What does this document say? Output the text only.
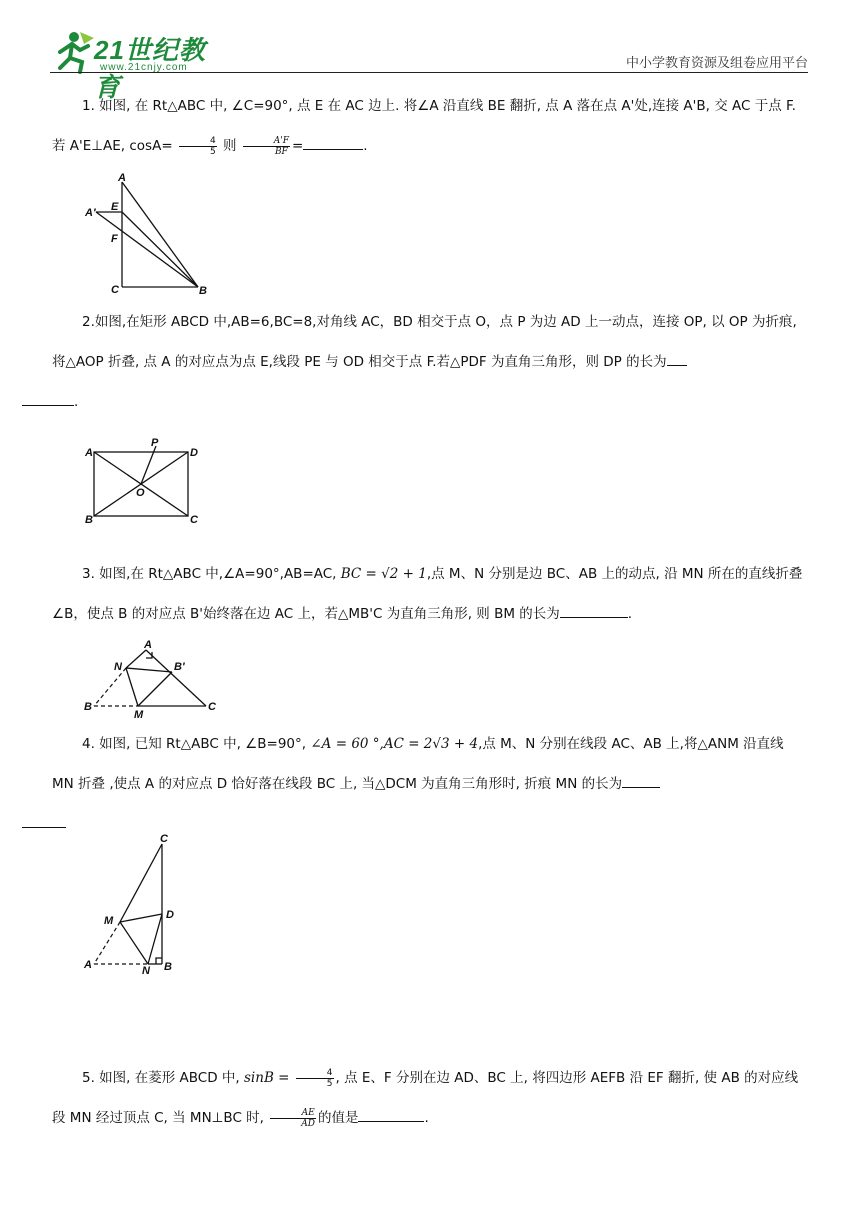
21世纪教育
www.21cnjy.com	中小学教育资源及组卷应用平台

1. 如图, 在 Rt△ABC 中, ∠C=90°, 点 E 在 AC 边上. 将∠A 沿直线 BE 翻折, 点 A 落在点 A'处,连接 A'B, 交 AC 于点 F. 若 A'E⊥AE, $\cos A= \frac{4}{5}$ 则 $\frac{A'F}{BF}$ =	.

A
A′ E
F
C	B

2.如图,在矩形 ABCD 中,AB=6,BC=8,对角线 AC，BD 相交于点 O，点 P 为边 AD 上一动点，连接 OP, 以 OP 为折痕,将△AOP 折叠, 点 A 的对应点为点 E,线段 PE 与 OD 相交于点 F.若△PDF 为直角三角形，则 DP 的长为
.

A
P
D
O
B	C

3. 如图,在 Rt△ABC 中,∠A=90°,AB=AC, BC = √2 + 1,点 M、N 分别是边 BC、AB 上的动点, 沿 MN 所在的直线折叠∠B，使点 B 的对应点 B'始终落在边 AC 上，若△MB'C 为直角三角形, 则 BM 的长为	.

A
N	B′
B
M
C

4. 如图, 已知 Rt△ABC 中, ∠B=90°, ∠A = 60 °,AC = 2√3 + 4,点 M、N 分别在线段 AC、AB 上,将△ANM 沿直线 MN 折叠 ,使点 A 的对应点 D 恰好落在线段 BC 上, 当△DCM 为直角三角形时, 折痕 MN 的长为

C
M	D
A	N B

5. 如图, 在菱形 ABCD 中, $\sin B = \frac{4}{5}$ , 点 E、F 分别在边 AD、BC 上, 将四边形 AEFB 沿 EF 翻折, 使 AB 的对应线段 MN 经过顶点 C, 当 MN⊥BC 时, $\frac{AE}{AD}$ 的值是	.
